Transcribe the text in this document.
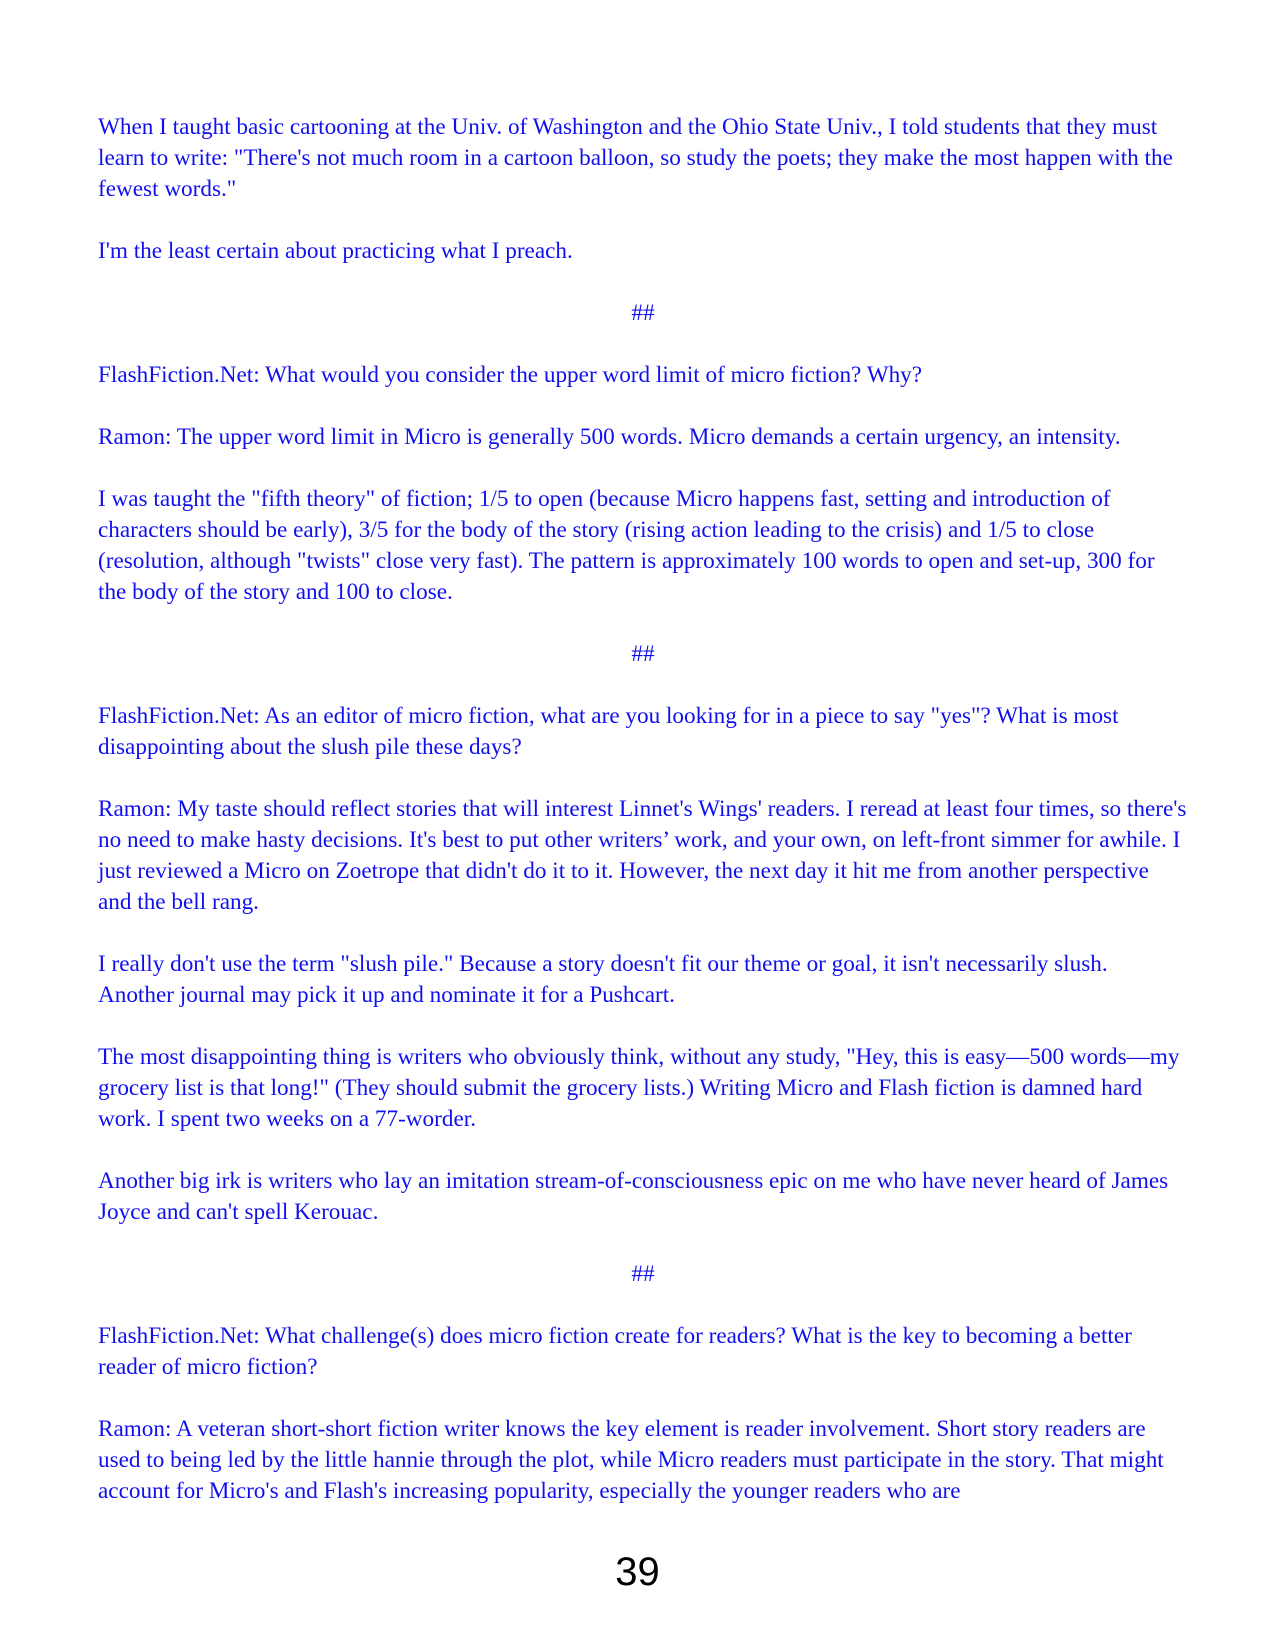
When I taught basic cartooning at the Univ. of Washington and the Ohio State Univ., I told students that they must learn to write: "There's not much room in a cartoon balloon, so study the poets; they make the most happen with the fewest words."

I'm the least certain about practicing what I preach.

##

FlashFiction.Net: What would you consider the upper word limit of micro fiction? Why?

Ramon: The upper word limit in Micro is generally 500 words. Micro demands a certain urgency, an intensity.

I was taught the "fifth theory" of fiction; 1/5 to open (because Micro happens fast, setting and introduction of characters should be early), 3/5 for the body of the story (rising action leading to the crisis) and 1/5 to close (resolution, although "twists" close very fast). The pattern is approximately 100 words to open and set-up, 300 for the body of the story and 100 to close.

##

FlashFiction.Net: As an editor of micro fiction, what are you looking for in a piece to say "yes"? What is most disappointing about the slush pile these days?

Ramon: My taste should reflect stories that will interest Linnet's Wings' readers. I reread at least four times, so there's no need to make hasty decisions. It's best to put other writers’ work, and your own, on left-front simmer for awhile. I just reviewed a Micro on Zoetrope that didn't do it to it. However, the next day it hit me from another perspective and the bell rang.

I really don't use the term "slush pile." Because a story doesn't fit our theme or goal, it isn't necessarily slush. Another journal may pick it up and nominate it for a Pushcart.

The most disappointing thing is writers who obviously think, without any study, "Hey, this is easy—500 words—my grocery list is that long!" (They should submit the grocery lists.) Writing Micro and Flash fiction is damned hard work. I spent two weeks on a 77-worder.

Another big irk is writers who lay an imitation stream-of-consciousness epic on me who have never heard of James Joyce and can't spell Kerouac.

##

FlashFiction.Net: What challenge(s) does micro fiction create for readers? What is the key to becoming a better reader of micro fiction?

Ramon: A veteran short-short fiction writer knows the key element is reader involvement. Short story readers are used to being led by the little hannie through the plot, while Micro readers must participate in the story. That might account for Micro's and Flash's increasing popularity, especially the younger readers who are

39
